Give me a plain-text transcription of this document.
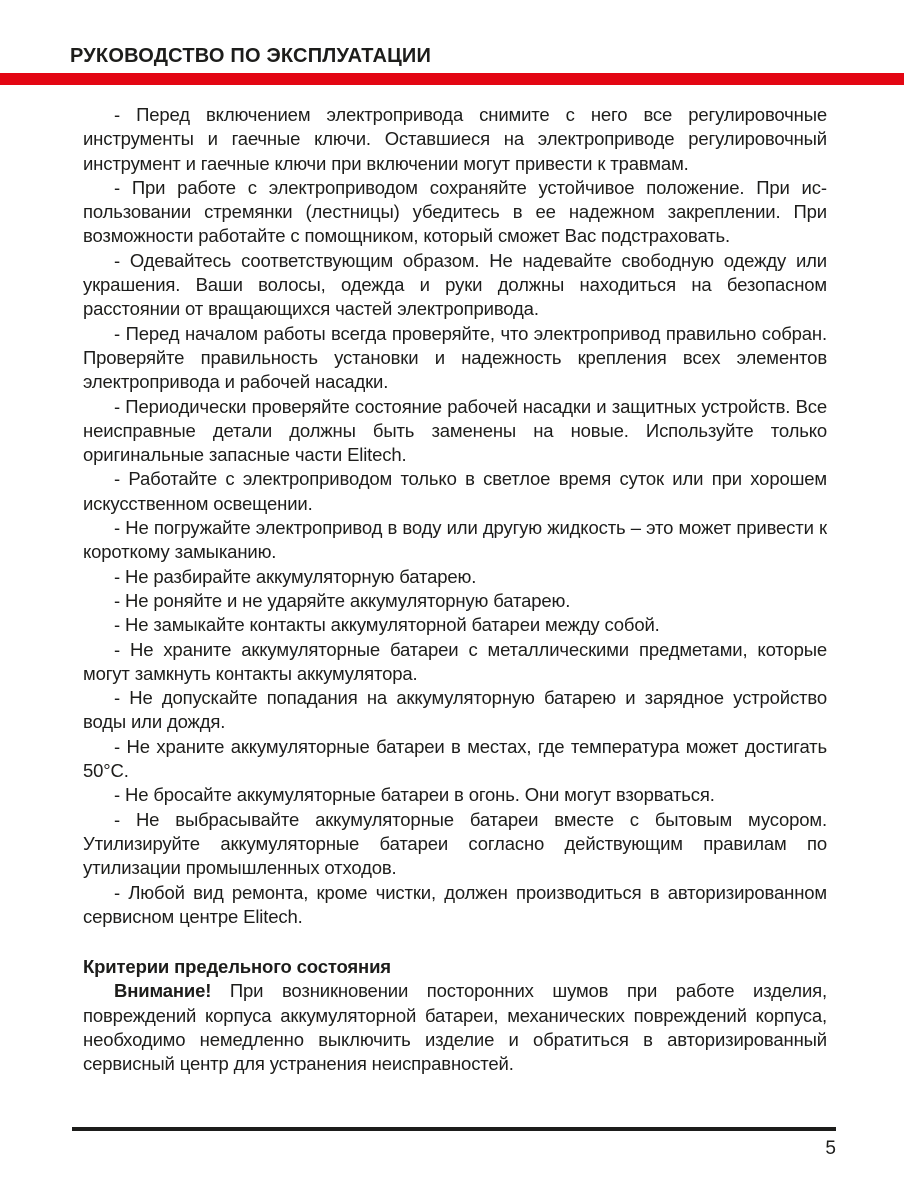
РУКОВОДСТВО ПО ЭКСПЛУАТАЦИИ

- Перед включением электропривода снимите с него все регулировочные инструменты и гаечные ключи. Оставшиеся на электроприводе регулировочный инструмент и гаечные ключи при включении могут привести к травмам.

- При работе с электроприводом сохраняйте устойчивое положение. При использовании стремянки (лестницы) убедитесь в ее надежном закреплении. При возможности работайте с помощником, который сможет Вас подстраховать.

- Одевайтесь соответствующим образом. Не надевайте свободную одежду или украшения. Ваши волосы, одежда и руки должны находиться на безопасном расстоянии от вращающихся частей электропривода.

- Перед началом работы всегда проверяйте, что электропривод правильно собран. Проверяйте правильность установки и надежность крепления всех элементов электропривода и рабочей насадки.

- Периодически проверяйте состояние рабочей насадки и защитных устройств. Все неисправные детали должны быть заменены на новые. Используйте только оригинальные запасные части Elitech.

- Работайте с электроприводом только в светлое время суток или при хорошем искусственном освещении.

- Не погружайте электропривод в воду или другую жидкость – это может привести к короткому замыканию.

- Не разбирайте аккумуляторную батарею.

- Не роняйте и не ударяйте аккумуляторную батарею.

- Не замыкайте контакты аккумуляторной батареи между собой.

- Не храните аккумуляторные батареи с металлическими предметами, которые могут замкнуть контакты аккумулятора.

- Не допускайте попадания на аккумуляторную батарею и зарядное устройство воды или дождя.

- Не храните аккумуляторные батареи в местах, где температура может достигать 50°С.

- Не бросайте аккумуляторные батареи в огонь. Они могут взорваться.

- Не выбрасывайте аккумуляторные батареи вместе с бытовым мусором. Утилизируйте аккумуляторные батареи согласно действующим правилам по утилизации промышленных отходов.

- Любой вид ремонта, кроме чистки, должен производиться в авторизированном сервисном центре Elitech.

Критерии предельного состояния

Внимание! При возникновении посторонних шумов при работе изделия, повреждений корпуса аккумуляторной батареи, механических повреждений корпуса, необходимо немедленно выключить изделие и обратиться в авторизированный сервисный центр для устранения неисправностей.

5
